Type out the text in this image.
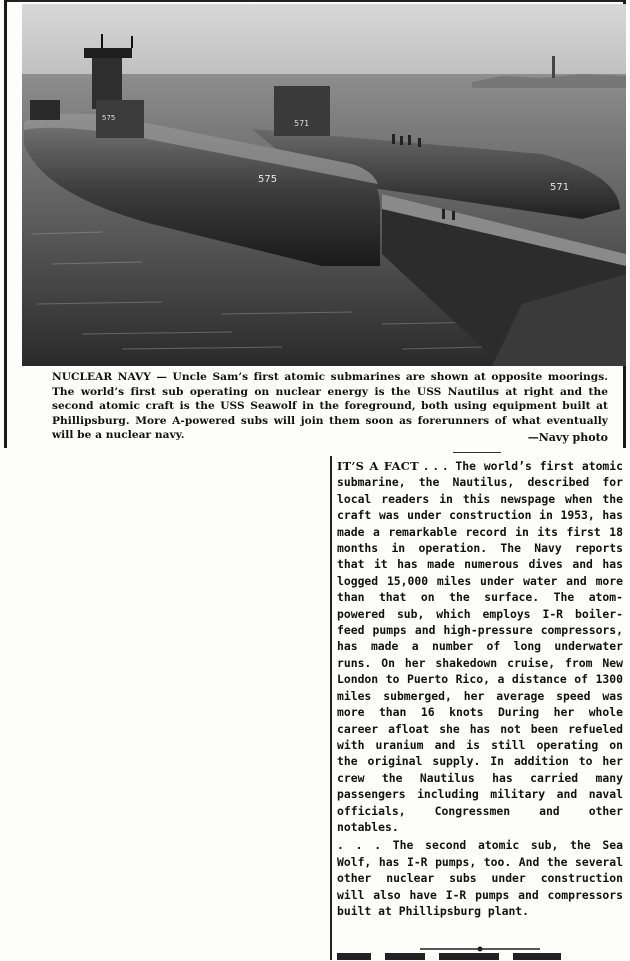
571
571
575
575
NUCLEAR NAVY — Uncle Sam’s first atomic submarines are shown at opposite moorings. The world’s first sub operating on nuclear energy is the USS Nautilus at right and the second atomic craft is the USS Seawolf in the foreground, both using equipment built at Phillipsburg. More A-powered subs will join them soon as forerunners of what eventually will be a nuclear navy.	—Navy photo

IT’S A FACT . . . The world’s first atomic submarine, the Nautilus, described for local readers in this newspage when the craft was under construction in 1953, has made a remarkable record in its first 18 months in operation. The Navy reports that it has made numerous dives and has logged 15,000 miles under water and more than that on the surface. The atom-powered sub, which employs I-R boiler-feed pumps and high-pressure compressors, has made a number of long underwater runs. On her shakedown cruise, from New London to Puerto Rico, a distance of 1300 miles submerged, her average speed was more than 16 knots During her whole career afloat she has not been refueled with uranium and is still operating on the original supply. In addition to her crew the Nautilus has carried many passengers including military and naval officials, Congressmen and other notables.

. . . The second atomic sub, the Sea Wolf, has I-R pumps, too. And the several other nuclear subs under construction will also have I-R pumps and compressors built at Phillipsburg plant.
